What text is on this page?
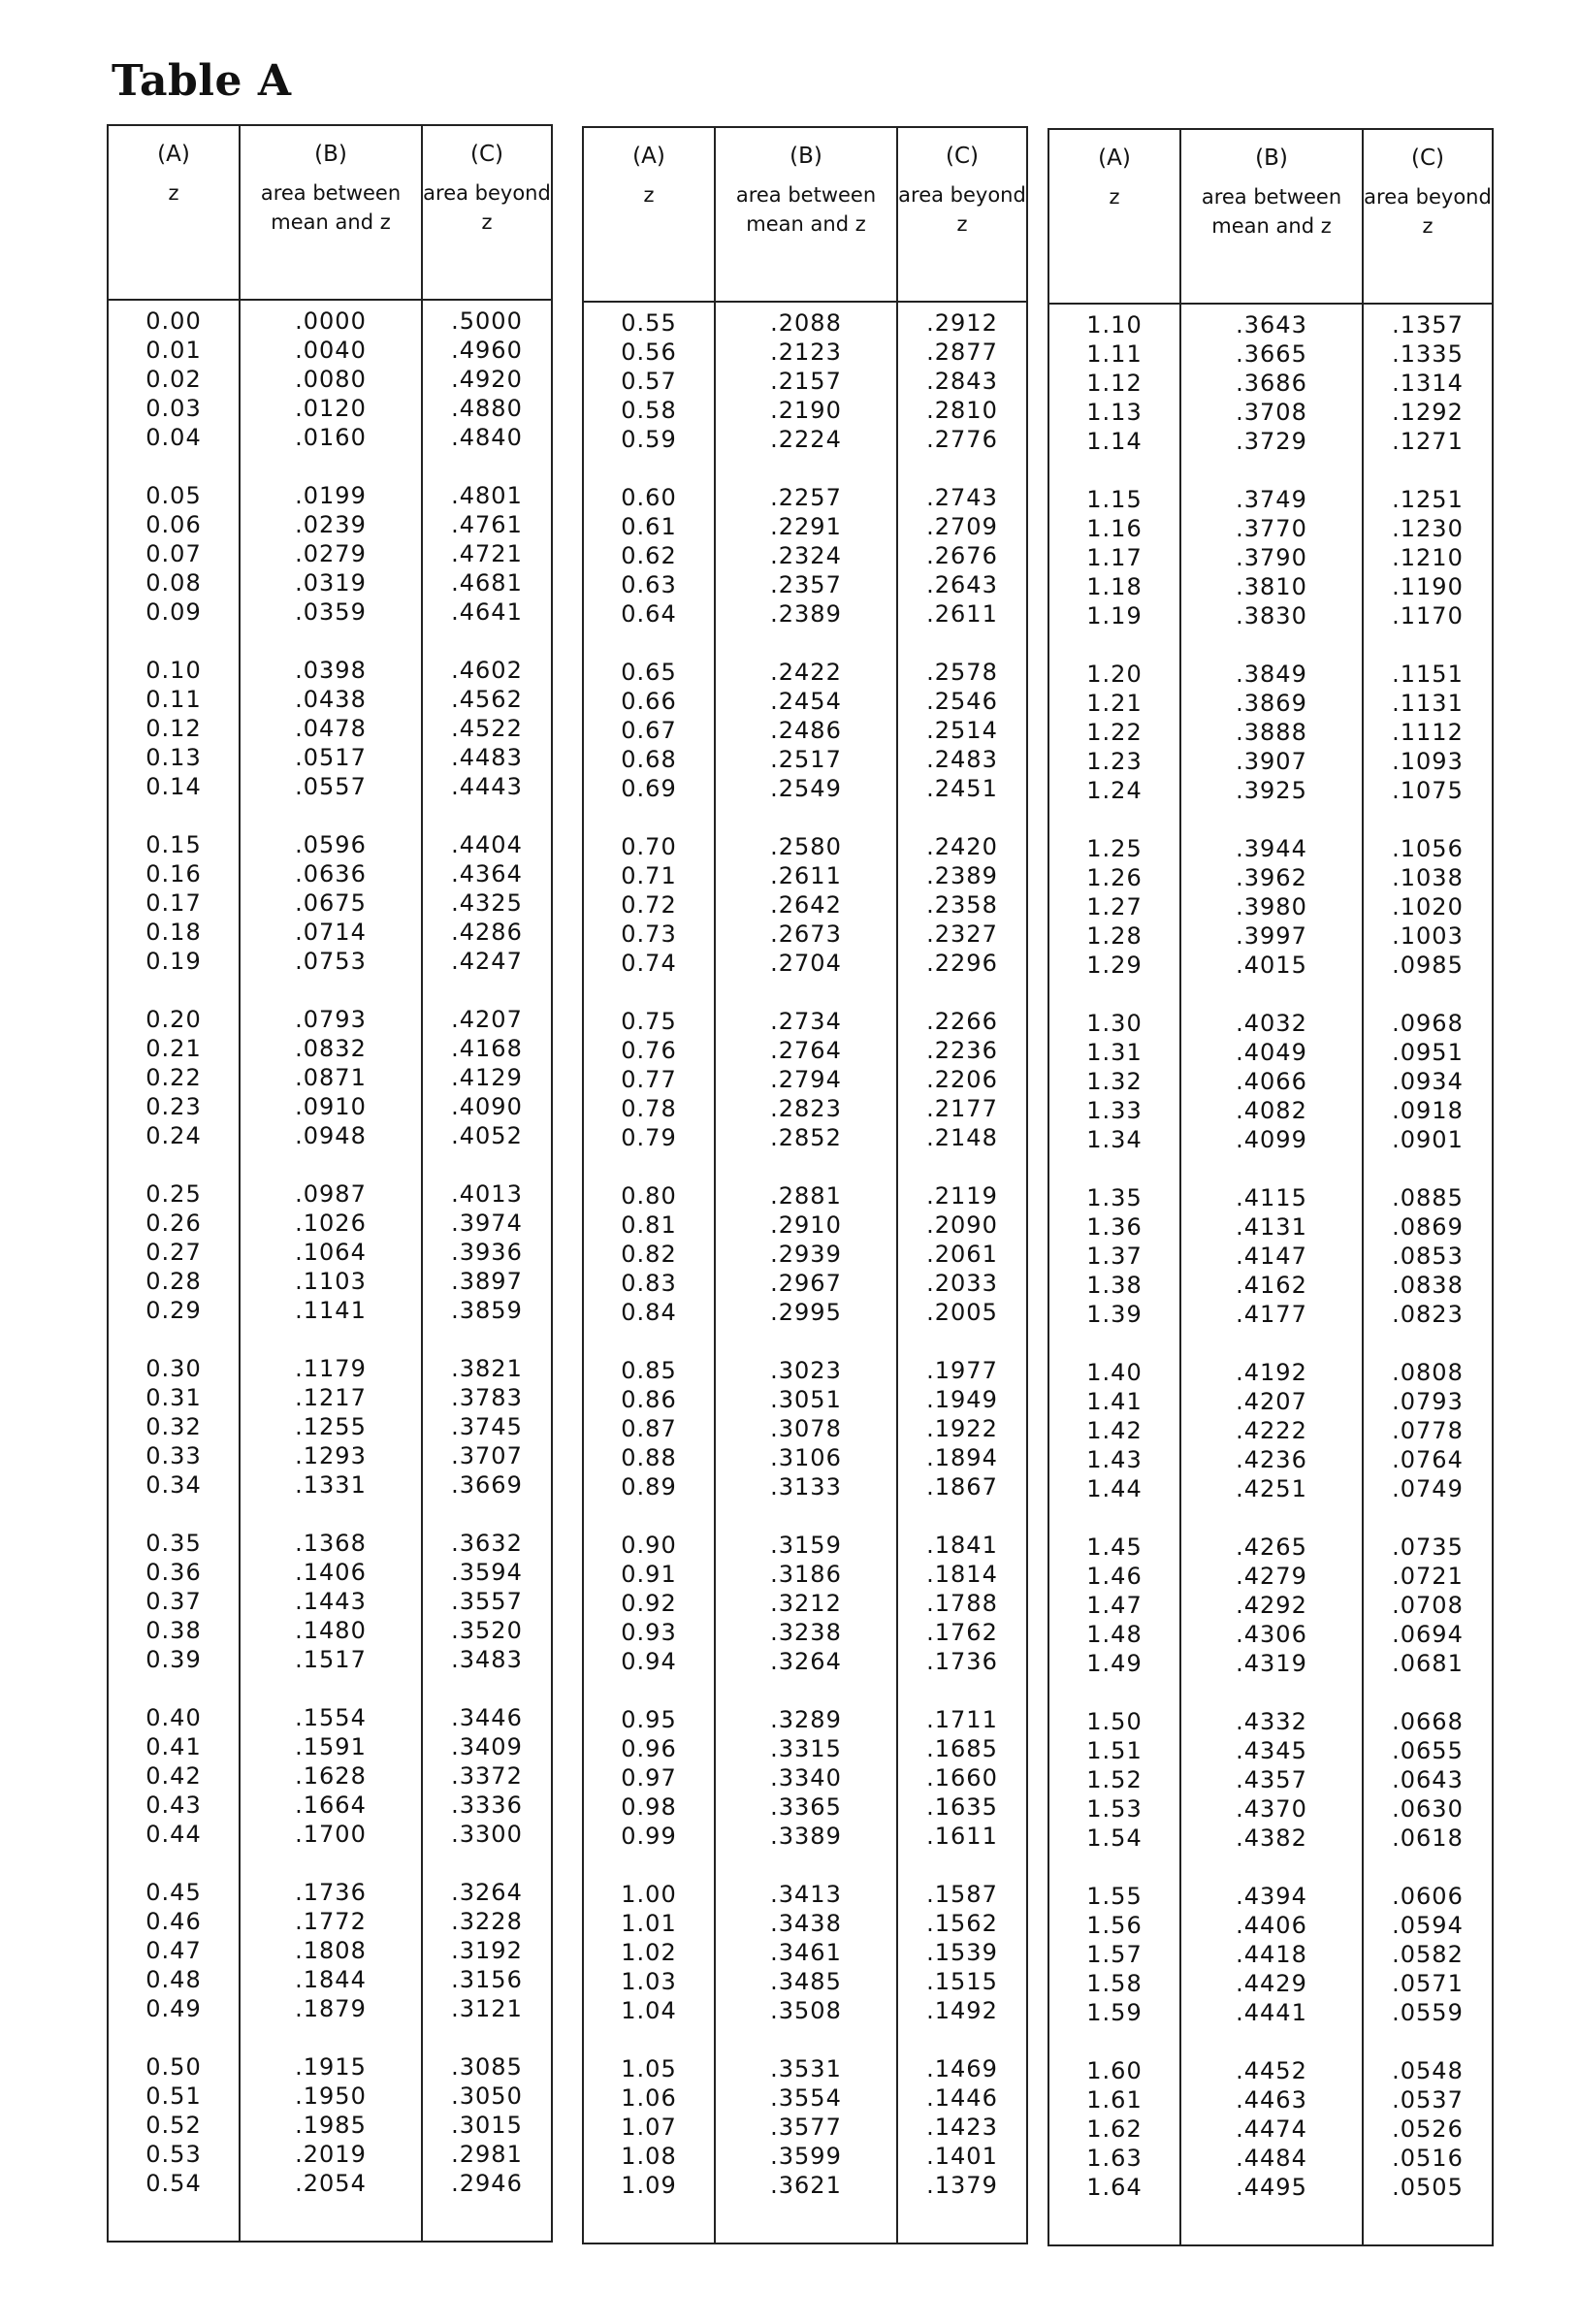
Table A
(A)
z
(B)
area between mean and z
(C)
area beyond z
0.00	.0000	.5000
0.01	.0040	.4960
0.02	.0080	.4920
0.03	.0120	.4880
0.04	.0160	.4840
0.05	.0199	.4801
0.06	.0239	.4761
0.07	.0279	.4721
0.08	.0319	.4681
0.09	.0359	.4641
0.10	.0398	.4602
0.11	.0438	.4562
0.12	.0478	.4522
0.13	.0517	.4483
0.14	.0557	.4443
0.15	.0596	.4404
0.16	.0636	.4364
0.17	.0675	.4325
0.18	.0714	.4286
0.19	.0753	.4247
0.20	.0793	.4207
0.21	.0832	.4168
0.22	.0871	.4129
0.23	.0910	.4090
0.24	.0948	.4052
0.25	.0987	.4013
0.26	.1026	.3974
0.27	.1064	.3936
0.28	.1103	.3897
0.29	.1141	.3859
0.30	.1179	.3821
0.31	.1217	.3783
0.32	.1255	.3745
0.33	.1293	.3707
0.34	.1331	.3669
0.35	.1368	.3632
0.36	.1406	.3594
0.37	.1443	.3557
0.38	.1480	.3520
0.39	.1517	.3483
0.40	.1554	.3446
0.41	.1591	.3409
0.42	.1628	.3372
0.43	.1664	.3336
0.44	.1700	.3300
0.45	.1736	.3264
0.46	.1772	.3228
0.47	.1808	.3192
0.48	.1844	.3156
0.49	.1879	.3121
0.50	.1915	.3085
0.51	.1950	.3050
0.52	.1985	.3015
0.53	.2019	.2981
0.54	.2054	.2946
(A)
z
(B)
area between mean and z
(C)
area beyond z
0.55	.2088	.2912
0.56	.2123	.2877
0.57	.2157	.2843
0.58	.2190	.2810
0.59	.2224	.2776
0.60	.2257	.2743
0.61	.2291	.2709
0.62	.2324	.2676
0.63	.2357	.2643
0.64	.2389	.2611
0.65	.2422	.2578
0.66	.2454	.2546
0.67	.2486	.2514
0.68	.2517	.2483
0.69	.2549	.2451
0.70	.2580	.2420
0.71	.2611	.2389
0.72	.2642	.2358
0.73	.2673	.2327
0.74	.2704	.2296
0.75	.2734	.2266
0.76	.2764	.2236
0.77	.2794	.2206
0.78	.2823	.2177
0.79	.2852	.2148
0.80	.2881	.2119
0.81	.2910	.2090
0.82	.2939	.2061
0.83	.2967	.2033
0.84	.2995	.2005
0.85	.3023	.1977
0.86	.3051	.1949
0.87	.3078	.1922
0.88	.3106	.1894
0.89	.3133	.1867
0.90	.3159	.1841
0.91	.3186	.1814
0.92	.3212	.1788
0.93	.3238	.1762
0.94	.3264	.1736
0.95	.3289	.1711
0.96	.3315	.1685
0.97	.3340	.1660
0.98	.3365	.1635
0.99	.3389	.1611
1.00	.3413	.1587
1.01	.3438	.1562
1.02	.3461	.1539
1.03	.3485	.1515
1.04	.3508	.1492
1.05	.3531	.1469
1.06	.3554	.1446
1.07	.3577	.1423
1.08	.3599	.1401
1.09	.3621	.1379
(A)
z
(B)
area between mean and z
(C)
area beyond z
1.10	.3643	.1357
1.11	.3665	.1335
1.12	.3686	.1314
1.13	.3708	.1292
1.14	.3729	.1271
1.15	.3749	.1251
1.16	.3770	.1230
1.17	.3790	.1210
1.18	.3810	.1190
1.19	.3830	.1170
1.20	.3849	.1151
1.21	.3869	.1131
1.22	.3888	.1112
1.23	.3907	.1093
1.24	.3925	.1075
1.25	.3944	.1056
1.26	.3962	.1038
1.27	.3980	.1020
1.28	.3997	.1003
1.29	.4015	.0985
1.30	.4032	.0968
1.31	.4049	.0951
1.32	.4066	.0934
1.33	.4082	.0918
1.34	.4099	.0901
1.35	.4115	.0885
1.36	.4131	.0869
1.37	.4147	.0853
1.38	.4162	.0838
1.39	.4177	.0823
1.40	.4192	.0808
1.41	.4207	.0793
1.42	.4222	.0778
1.43	.4236	.0764
1.44	.4251	.0749
1.45	.4265	.0735
1.46	.4279	.0721
1.47	.4292	.0708
1.48	.4306	.0694
1.49	.4319	.0681
1.50	.4332	.0668
1.51	.4345	.0655
1.52	.4357	.0643
1.53	.4370	.0630
1.54	.4382	.0618
1.55	.4394	.0606
1.56	.4406	.0594
1.57	.4418	.0582
1.58	.4429	.0571
1.59	.4441	.0559
1.60	.4452	.0548
1.61	.4463	.0537
1.62	.4474	.0526
1.63	.4484	.0516
1.64	.4495	.0505
